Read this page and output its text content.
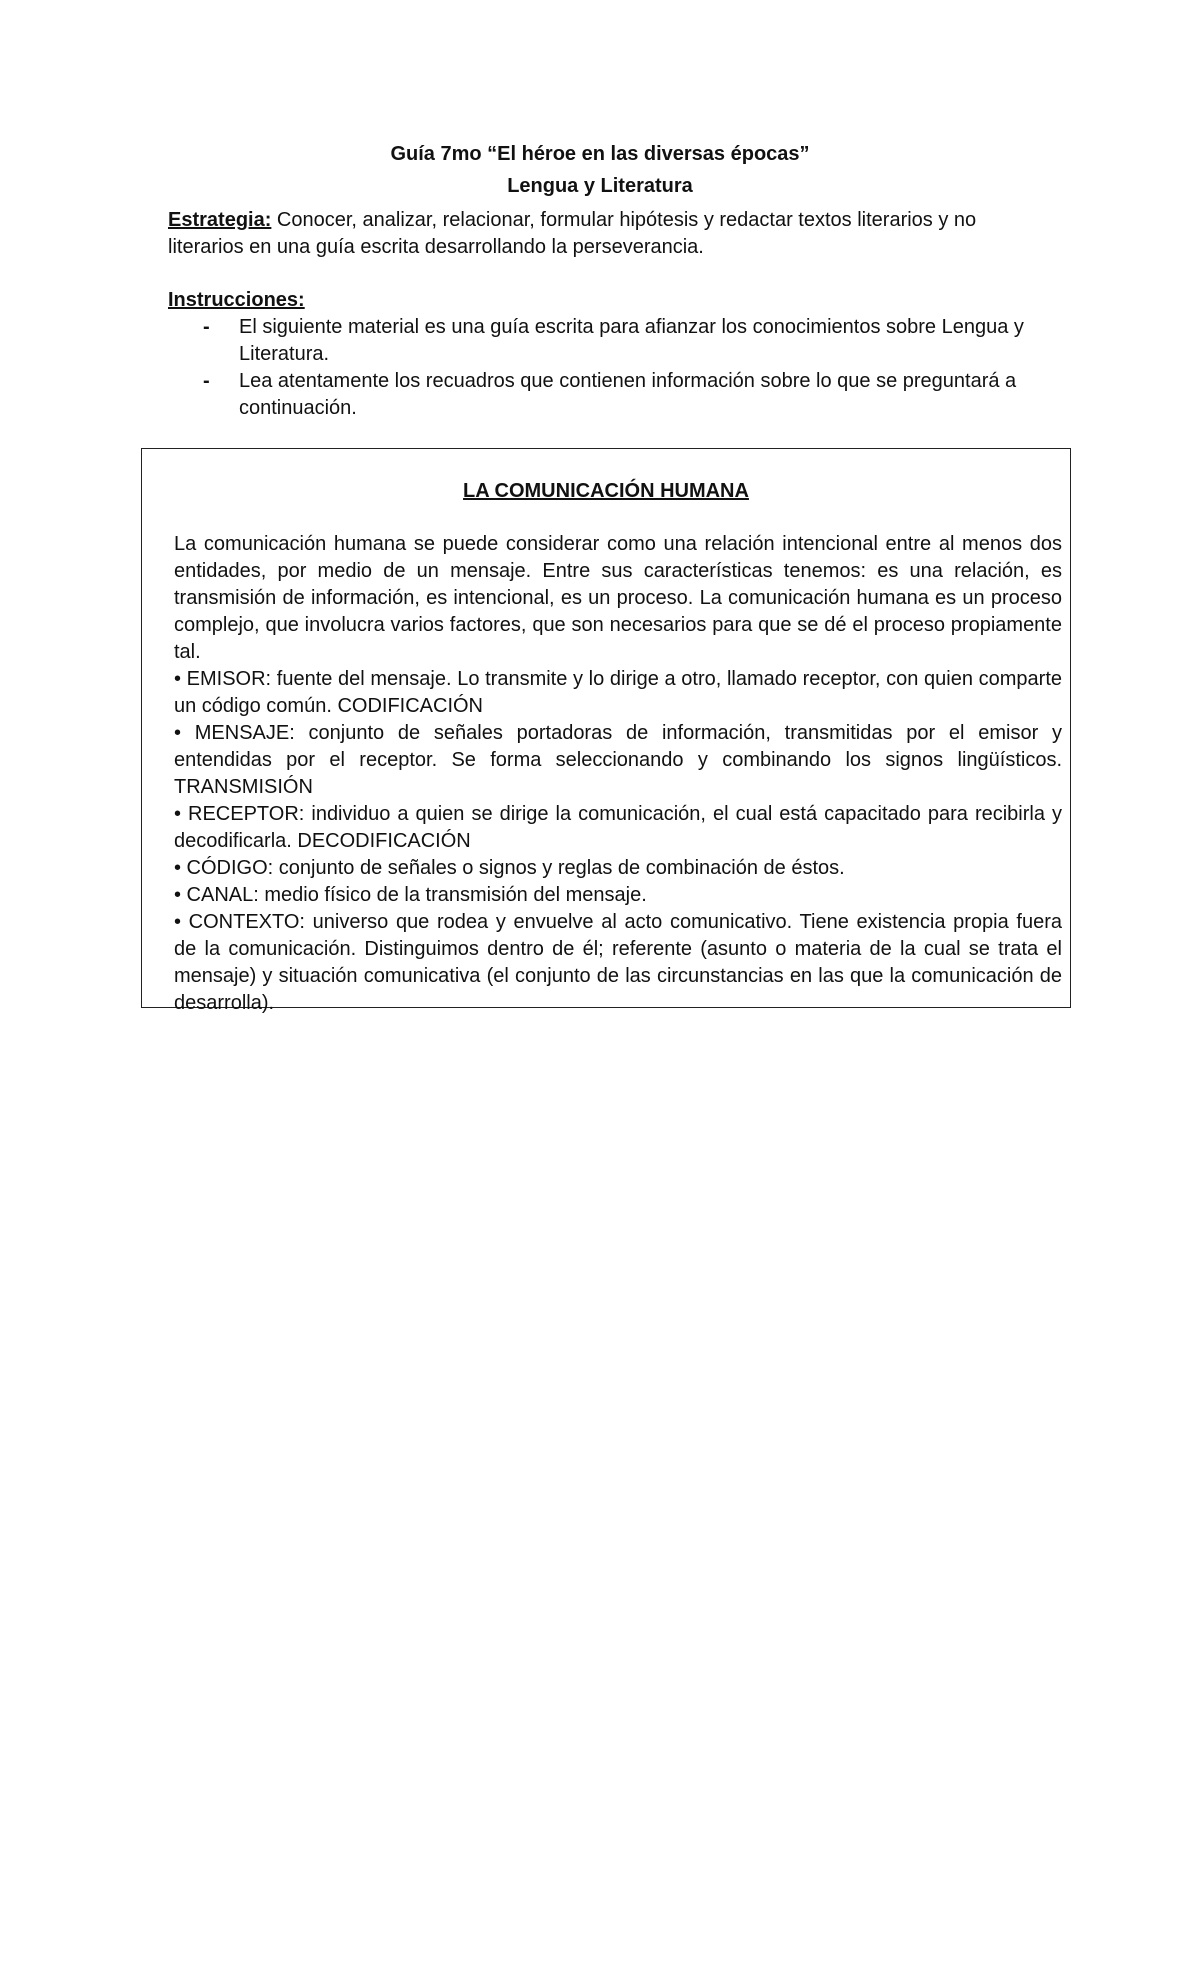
Guía 7mo “El héroe en las diversas épocas”
Lengua y Literatura
Estrategia: Conocer, analizar, relacionar, formular hipótesis y redactar textos literarios y no literarios en una guía escrita desarrollando la perseverancia.
Instrucciones:
- El siguiente material es una guía escrita para afianzar los conocimientos sobre Lengua y Literatura.
- Lea atentamente los recuadros que contienen información sobre lo que se preguntará a continuación.
LA COMUNICACIÓN HUMANA

La comunicación humana se puede considerar como una relación intencional entre al menos dos entidades, por medio de un mensaje. Entre sus características tenemos: es una relación, es transmisión de información, es intencional, es un proceso. La comunicación humana es un proceso complejo, que involucra varios factores, que son necesarios para que se dé el proceso propiamente tal.

• EMISOR: fuente del mensaje. Lo transmite y lo dirige a otro, llamado receptor, con quien comparte un código común. CODIFICACIÓN

• MENSAJE: conjunto de señales portadoras de información, transmitidas por el emisor y entendidas por el receptor. Se forma seleccionando y combinando los signos lingüísticos. TRANSMISIÓN

• RECEPTOR: individuo a quien se dirige la comunicación, el cual está capacitado para recibirla y decodificarla. DECODIFICACIÓN

• CÓDIGO: conjunto de señales o signos y reglas de combinación de éstos.

• CANAL: medio físico de la transmisión del mensaje.

• CONTEXTO: universo que rodea y envuelve al acto comunicativo. Tiene existencia propia fuera de la comunicación. Distinguimos dentro de él; referente (asunto o materia de la cual se trata el mensaje) y situación comunicativa (el conjunto de las circunstancias en las que la comunicación de desarrolla).
